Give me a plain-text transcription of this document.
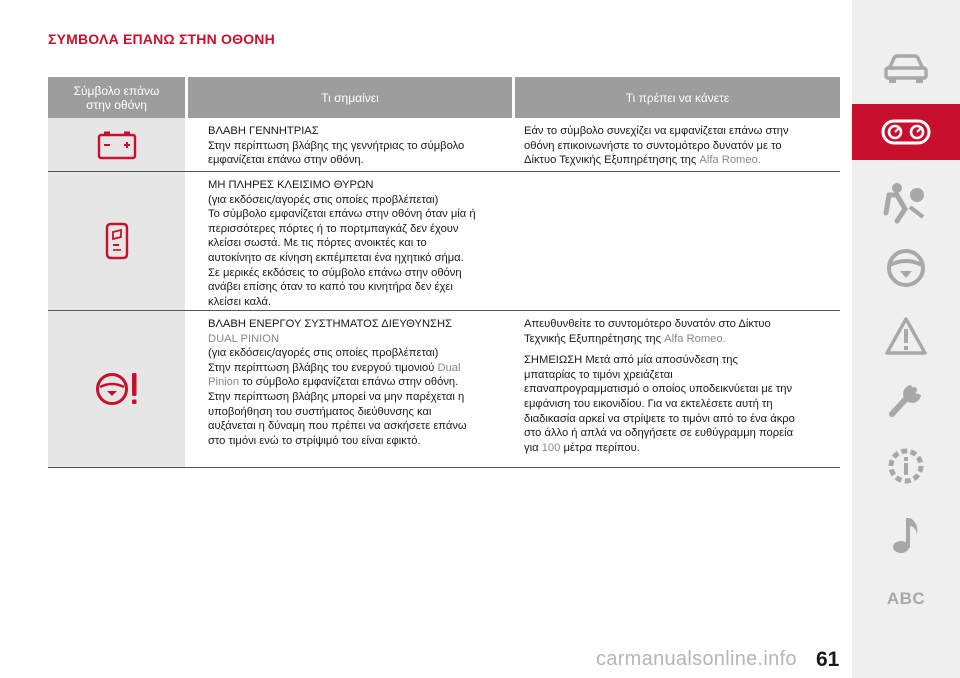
ΣΥΜΒΟΛΑ ΕΠΑΝΩ ΣΤΗΝ ΟΘΟΝΗ
Σύμβολο επάνω
στην οθόνη	Τι σημαίνει	Τι πρέπει να κάνετε
ΒΛΑΒΗ ΓΕΝΝΗΤΡΙΑΣ
Στην περίπτωση βλάβης της γεννήτριας το σύμβολο
εμφανίζεται επάνω στην οθόνη.
Εάν το σύμβολο συνεχίζει να εμφανίζεται επάνω στην
οθόνη επικοινωνήστε το συντομότερο δυνατόν με το
Δίκτυο Τεχνικής Εξυπηρέτησης της Alfa Romeo.
ΜΗ ΠΛΗΡΕΣ ΚΛΕΙΣΙΜΟ ΘΥΡΩΝ
(για εκδόσεις/αγορές στις οποίες προβλέπεται)
Το σύμβολο εμφανίζεται επάνω στην οθόνη όταν μία ή
περισσότερες πόρτες ή το πορτμπαγκάζ δεν έχουν
κλείσει σωστά. Με τις πόρτες ανοικτές και το
αυτοκίνητο σε κίνηση εκπέμπεται ένα ηχητικό σήμα.
Σε μερικές εκδόσεις το σύμβολο επάνω στην οθόνη
ανάβει επίσης όταν το καπό του κινητήρα δεν έχει
κλείσει καλά.
ΒΛΑΒΗ ΕΝΕΡΓΟΥ ΣΥΣΤΗΜΑΤΟΣ ΔΙΕΥΘΥΝΣΗΣ
DUAL PINION
(για εκδόσεις/αγορές στις οποίες προβλέπεται)
Στην περίπτωση βλάβης του ενεργού τιμονιού Dual
Pinion το σύμβολο εμφανίζεται επάνω στην οθόνη.
Στην περίπτωση βλάβης μπορεί να μην παρέχεται η
υποβοήθηση του συστήματος διεύθυνσης και
αυξάνεται η δύναμη που πρέπει να ασκήσετε επάνω
στο τιμόνι ενώ το στρίψιμό του είναι εφικτό.
Απευθυνθείτε το συντομότερο δυνατόν στο Δίκτυο
Τεχνικής Εξυπηρέτησης της Alfa Romeo.
ΣΗΜΕΙΩΣΗ Μετά από μία αποσύνδεση της
μπαταρίας το τιμόνι χρειάζεται
επαναπρογραμματισμό ο οποίος υποδεικνύεται με την
εμφάνιση του εικονιδίου. Για να εκτελέσετε αυτή τη
διαδικασία αρκεί να στρίψετε το τιμόνι από το ένα άκρο
στο άλλο ή απλά να οδηγήσετε σε ευθύγραμμη πορεία
για 100 μέτρα περίπου.
ABC
carmanualsonline.info 61
